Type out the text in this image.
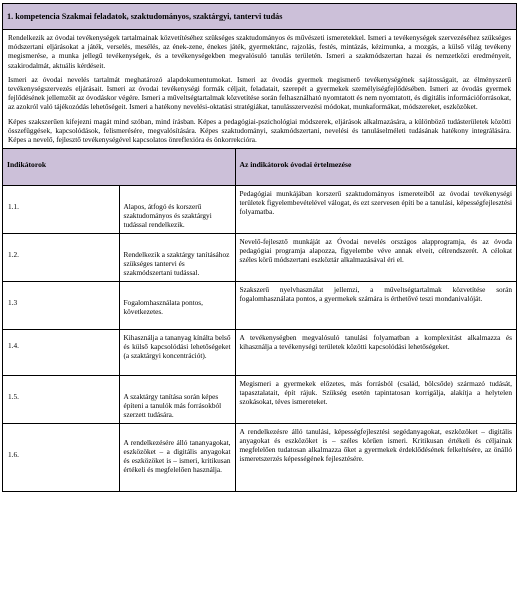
1. kompetencia Szakmai feladatok, szaktudományos, szaktárgyi, tantervi tudás

Rendelkezik az óvodai tevékenységek tartalmainak közvetítéséhez szükséges szaktudományos és művészeti ismeretekkel. Ismeri a tevékenységek szervezéséhez szükséges módszertani eljárásokat a játék, verselés, mesélés, az ének-zene, énekes játék, gyermektánc, rajzolás, festés, mintázás, kézimunka, a mozgás, a külső világ tevékeny megismerése, a munka jellegű tevékenységek, és a tevékenységekben megvalósuló tanulás területén. Ismeri a szakmódszertan hazai és nemzetközi eredményeit, szakirodalmát, aktuális kérdéseit.

Ismeri az óvodai nevelés tartalmát meghatározó alapdokumentumokat. Ismeri az óvodás gyermek megismerő tevékenységének sajátosságait, az élményszerű tevékenységszervezés eljárásait. Ismeri az óvodai tevékenységi formák céljait, feladatait, szerepét a gyermekek személyiségfejlődésében. Ismeri az óvodás gyermek fejlődésének jellemzőit az óvodáskor végére. Ismeri a műveltségtartalmak közvetítése során felhasználható nyomtatott és nem nyomtatott, és digitális információforrásokat, az azokról való tájékozódás lehetőségeit. Ismeri a hatékony nevelési-oktatási stratégiákat, tanulásszervezési módokat, munkaformákat, módszereket, eszközöket.

Képes szakszerűen kifejezni magát mind szóban, mind írásban. Képes a pedagógiai-pszichológiai módszerek, eljárások alkalmazására, a különböző tudásterületek közötti összefüggések, kapcsolódások, felismerésére, megvalósítására. Képes szaktudományi, szakmódszertani, nevelési és tanuláselméleti tudásának hatékony integrálására. Képes a nevelő, fejlesztő tevékenységével kapcsolatos önreflexióra és önkorrekcióra.

Indikátorok		Az indikátorok óvodai értelmezése
1.1.	Alapos, átfogó és korszerű szaktudományos és szaktárgyi tudással rendelkezik.	Pedagógiai munkájában korszerű szaktudományos ismereteiből az óvodai tevékenységi területek figyelembevételével válogat, és ezt szervesen építi be a tanulási, képességfejlesztési folyamatba.
1.2.	Rendelkezik a szaktárgy tanításához szükséges tantervi és szakmódszertani tudással.	Nevelő-fejlesztő munkáját az Óvodai nevelés országos alapprogramja, és az óvoda pedagógiai programja alapozza, figyelembe véve annak elveit, célrendszerét. A célokat széles körű módszertani eszköztár alkalmazásával éri el.
1.3	Fogalomhasználata pontos, következetes.	Szakszerű nyelvhasználat jellemzi, a műveltségtartalmak közvetítése során fogalomhasználata pontos, a gyermekek számára is érthetővé teszi mondanivalóját.
1.4.	Kihasználja a tananyag kínálta belső és külső kapcsolódási lehetőségeket (a szaktárgyi koncentrációt).	A tevékenységben megvalósuló tanulási folyamatban a komplexitást alkalmazza és kihasználja a tevékenységi területek közötti kapcsolódási lehetőségeket.
1.5.	A szaktárgy tanítása során képes építeni a tanulók más forrásokból szerzett tudására.	Megismeri a gyermekek előzetes, más forrásból (család, bölcsőde) származó tudását, tapasztalatait, épít rájuk. Szükség esetén tapintatosan korrigálja, alakítja a helytelen szokásokat, téves ismereteket.
1.6.	A rendelkezésére álló tananyagokat, eszközöket – a digitális anyagokat és eszközöket is – ismeri, kritikusan értékeli és megfelelően használja.	A rendelkezésre álló tanulási, képességfejlesztési segédanyagokat, eszközöket – digitális anyagokat és eszközöket is – széles körűen ismeri. Kritikusan értékeli és céljainak megfelelően tudatosan alkalmazza őket a gyermekek érdeklődésének felkeltésére, az önálló ismeretszerzés képességének fejlesztésére.
